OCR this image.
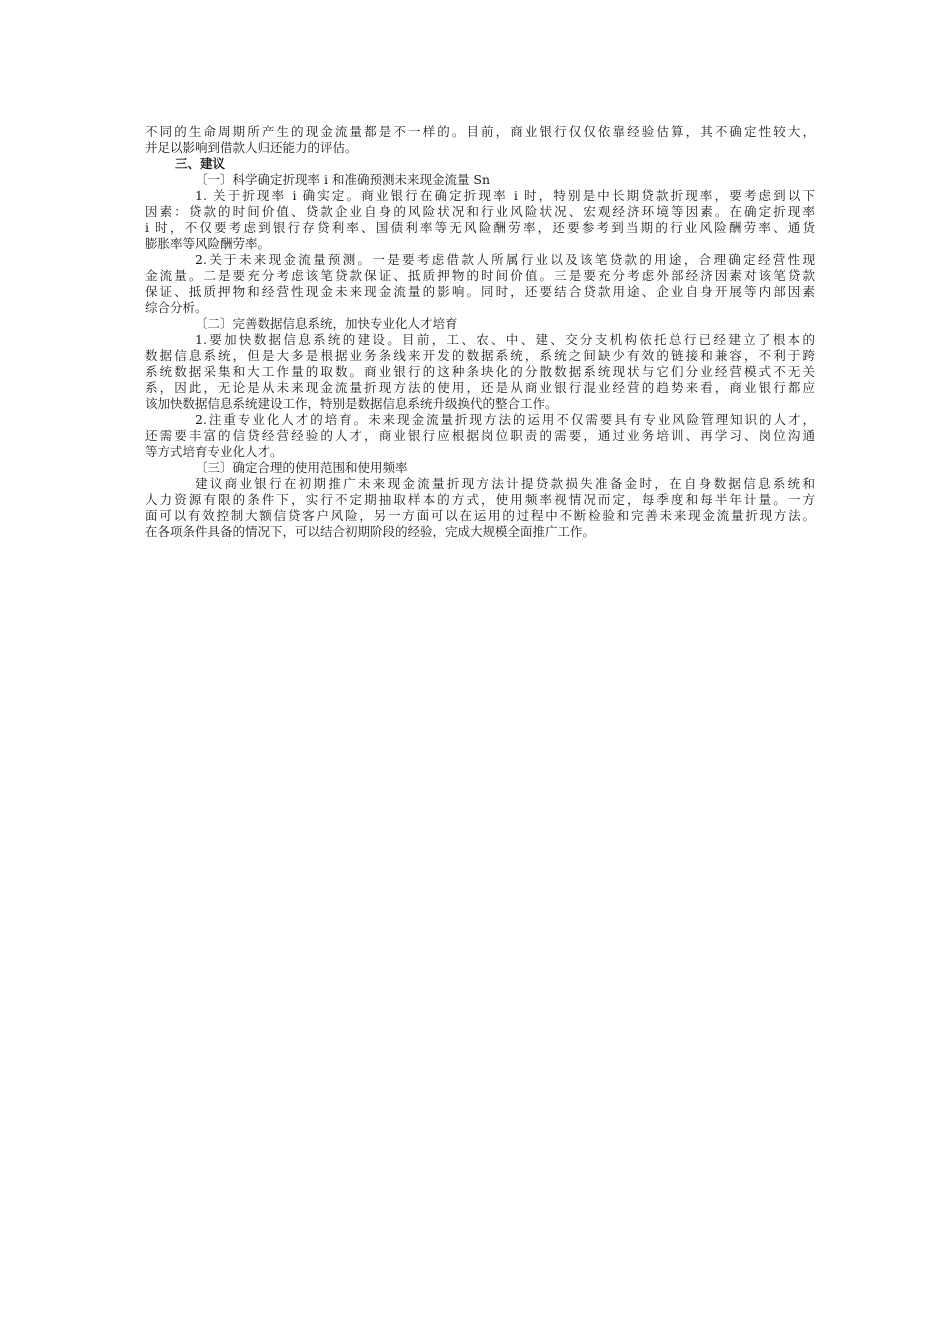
不同的生命周期所产生的现金流量都是不一样的。目前，商业银行仅仅依靠经验估算，其不确定性较大，
并足以影响到借款人归还能力的评估。
三、建议
〔一〕科学确定折现率 i 和准确预测未来现金流量 Sn
1. 关于折现率 i 确实定。商业银行在确定折现率 i 时，特别是中长期贷款折现率，要考虑到以下
因素：贷款的时间价值、贷款企业自身的风险状况和行业风险状况、宏观经济环境等因素。在确定折现率
i 时，不仅要考虑到银行存贷利率、国债利率等无风险酬劳率，还要参考到当期的行业风险酬劳率、通货
膨胀率等风险酬劳率。
2.关于未来现金流量预测。一是要考虑借款人所属行业以及该笔贷款的用途，合理确定经营性现
金流量。二是要充分考虑该笔贷款保证、抵质押物的时间价值。三是要充分考虑外部经济因素对该笔贷款
保证、抵质押物和经营性现金未来现金流量的影响。同时，还要结合贷款用途、企业自身开展等内部因素
综合分析。
〔二〕完善数据信息系统，加快专业化人才培育
1.要加快数据信息系统的建设。目前，工、农、中、建、交分支机构依托总行已经建立了根本的
数据信息系统，但是大多是根据业务条线来开发的数据系统，系统之间缺少有效的链接和兼容，不利于跨
系统数据采集和大工作量的取数。商业银行的这种条块化的分散数据系统现状与它们分业经营模式不无关
系，因此，无论是从未来现金流量折现方法的使用，还是从商业银行混业经营的趋势来看，商业银行都应
该加快数据信息系统建设工作，特别是数据信息系统升级换代的整合工作。
2.注重专业化人才的培育。未来现金流量折现方法的运用不仅需要具有专业风险管理知识的人才，
还需要丰富的信贷经营经验的人才，商业银行应根据岗位职责的需要，通过业务培训、再学习、岗位沟通
等方式培育专业化人才。
〔三〕确定合理的使用范围和使用频率
建议商业银行在初期推广未来现金流量折现方法计提贷款损失准备金时，在自身数据信息系统和
人力资源有限的条件下，实行不定期抽取样本的方式，使用频率视情况而定，每季度和每半年计量。一方
面可以有效控制大额信贷客户风险，另一方面可以在运用的过程中不断检验和完善未来现金流量折现方法。
在各项条件具备的情况下，可以结合初期阶段的经验，完成大规模全面推广工作。
